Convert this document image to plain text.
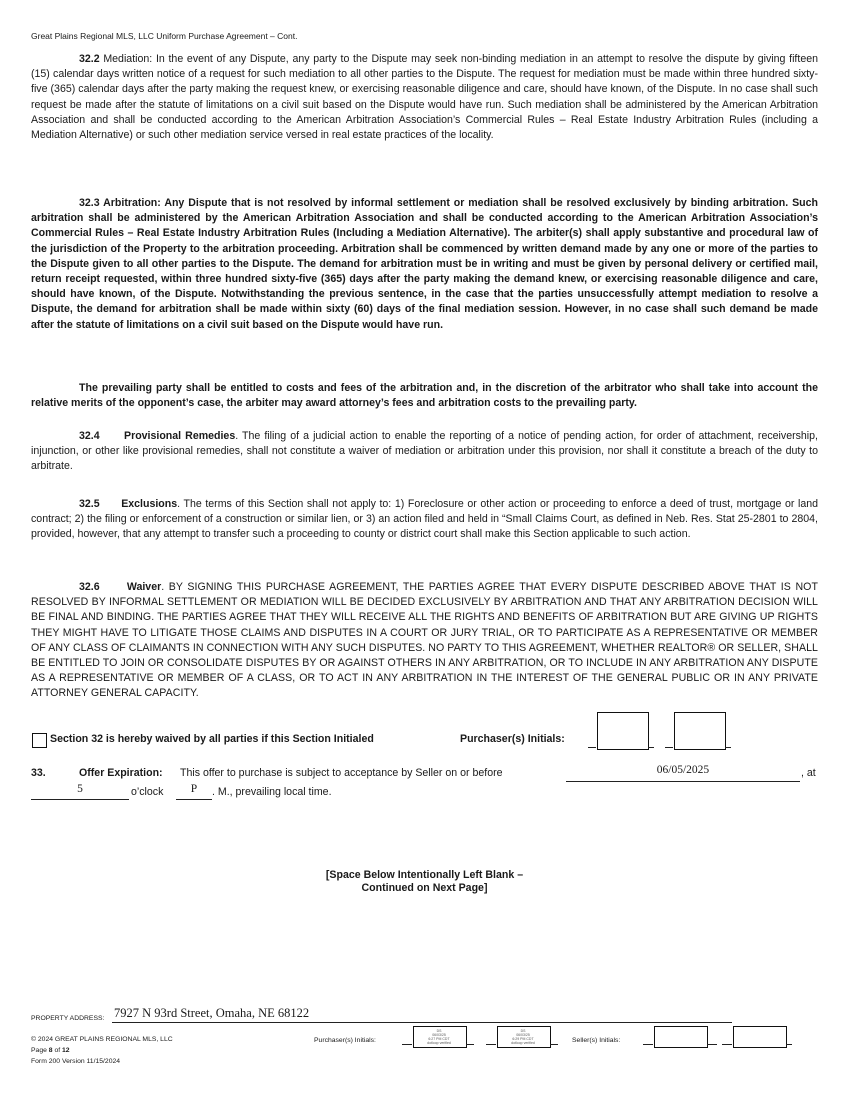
Great Plains Regional MLS, LLC Uniform Purchase Agreement – Cont.

32.2 Mediation: In the event of any Dispute, any party to the Dispute may seek non-binding mediation in an attempt to resolve the dispute by giving fifteen (15) calendar days written notice of a request for such mediation to all other parties to the Dispute. The request for mediation must be made within three hundred sixty-five (365) calendar days after the party making the request knew, or exercising reasonable diligence and care, should have known, of the Dispute. In no case shall such request be made after the statute of limitations on a civil suit based on the Dispute would have run. Such mediation shall be administered by the American Arbitration Association and shall be conducted according to the American Arbitration Association’s Commercial Rules – Real Estate Industry Arbitration Rules (including a Mediation Alternative) or such other mediation service versed in real estate practices of the locality.

32.3 Arbitration: Any Dispute that is not resolved by informal settlement or mediation shall be resolved exclusively by binding arbitration. Such arbitration shall be administered by the American Arbitration Association and shall be conducted according to the American Arbitration Association’s Commercial Rules – Real Estate Industry Arbitration Rules (Including a Mediation Alternative). The arbiter(s) shall apply substantive and procedural law of the jurisdiction of the Property to the arbitration proceeding. Arbitration shall be commenced by written demand made by any one or more of the parties to the Dispute given to all other parties to the Dispute. The demand for arbitration must be in writing and must be given by personal delivery or certified mail, return receipt requested, within three hundred sixty-five (365) days after the party making the demand knew, or exercising reasonable diligence and care, should have known, of the Dispute. Notwithstanding the previous sentence, in the case that the parties unsuccessfully attempt mediation to resolve a Dispute, the demand for arbitration shall be made within sixty (60) days of the final mediation session. However, in no case shall such demand be made after the statute of limitations on a civil suit based on the Dispute would have run.

The prevailing party shall be entitled to costs and fees of the arbitration and, in the discretion of the arbitrator who shall take into account the relative merits of the opponent’s case, the arbiter may award attorney’s fees and arbitration costs to the prevailing party.

32.4 Provisional Remedies. The filing of a judicial action to enable the reporting of a notice of pending action, for order of attachment, receivership, injunction, or other like provisional remedies, shall not constitute a waiver of mediation or arbitration under this provision, nor shall it constitute a breach of the duty to arbitrate.

32.5 Exclusions. The terms of this Section shall not apply to: 1) Foreclosure or other action or proceeding to enforce a deed of trust, mortgage or land contract; 2) the filing or enforcement of a construction or similar lien, or 3) an action filed and held in “Small Claims Court, as defined in Neb. Res. Stat 25-2801 to 2804, provided, however, that any attempt to transfer such a proceeding to county or district court shall make this Section applicable to such action.

32.6	Waiver. BY SIGNING THIS PURCHASE AGREEMENT, THE PARTIES AGREE THAT EVERY DISPUTE DESCRIBED ABOVE THAT IS NOT RESOLVED BY INFORMAL SETTLEMENT OR MEDIATION WILL BE DECIDED EXCLUSIVELY BY ARBITRATION AND THAT ANY ARBITRATION DECISION WILL BE FINAL AND BINDING. THE PARTIES AGREE THAT THEY WILL RECEIVE ALL THE RIGHTS AND BENEFITS OF ARBITRATION BUT ARE GIVING UP RIGHTS THEY MIGHT HAVE TO LITIGATE THOSE CLAIMS AND DISPUTES IN A COURT OR JURY TRIAL, OR TO PARTICIPATE AS A REPRESENTATIVE OR MEMBER OF ANY CLASS OF CLAIMANTS IN CONNECTION WITH ANY SUCH DISPUTES. NO PARTY TO THIS AGREEMENT, WHETHER REALTOR® OR SELLER, SHALL BE ENTITLED TO JOIN OR CONSOLIDATE DISPUTES BY OR AGAINST OTHERS IN ANY ARBITRATION, OR TO INCLUDE IN ANY ARBITRATION ANY DISPUTE AS A REPRESENTATIVE OR MEMBER OF A CLASS, OR TO ACT IN ANY ARBITRATION IN THE INTEREST OF THE GENERAL PUBLIC OR IN ANY PRIVATE ATTORNEY GENERAL CAPACITY.

Section 32 is hereby waived by all parties if this Section Initialed	Purchaser(s) Initials:
33.	Offer Expiration: This offer to purchase is subject to acceptance by Seller on or before	06/05/2025	, at
5	o’clock	P	. M., prevailing local time.
[Space Below Intentionally Left Blank –
Continued on Next Page]
PROPERTY ADDRESS: 7927 N 93rd Street, Omaha, NE 68122
© 2024 GREAT PLAINS REGIONAL MLS, LLC
Page 8 of 12
Form 200 Version 11/15/2024
Purchaser(s) Initials:
DS
06/03/25
6:27 PM CDT
dotloop verified
DS
06/03/25
6:29 PM CDT
dotloop verified	Seller(s) Initials:
